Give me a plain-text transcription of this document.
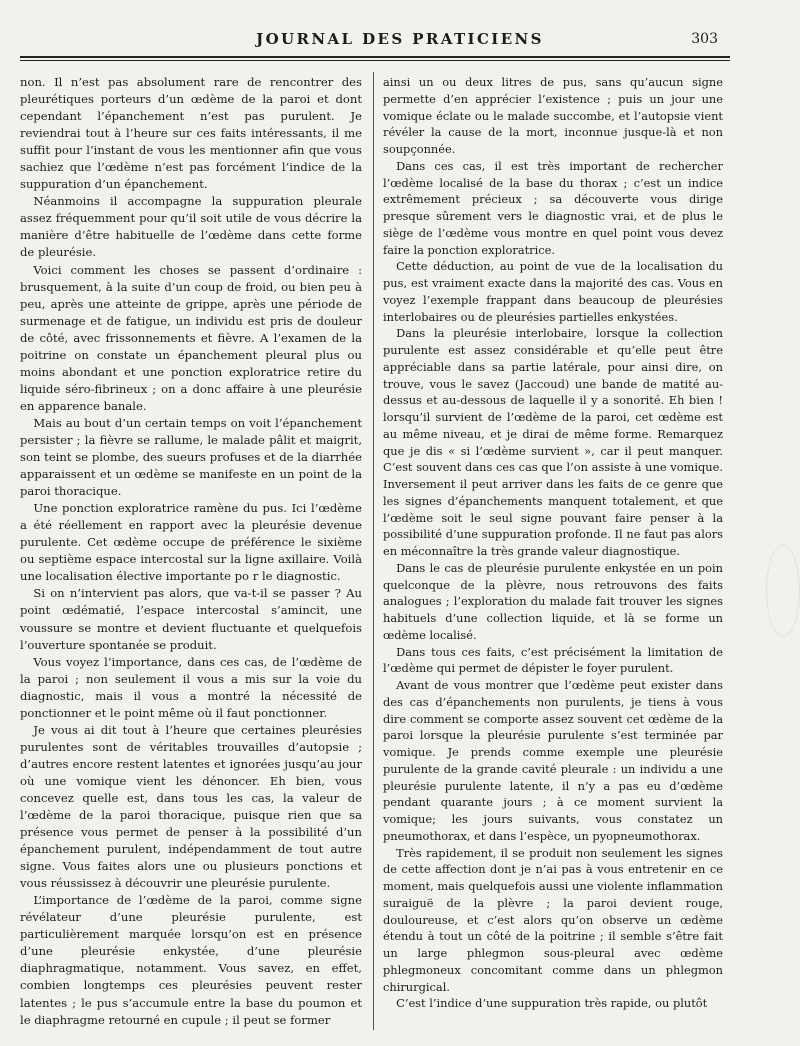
JOURNAL DES PRATICIENS	303

non. Il n’est pas absolument rare de rencontrer des pleurétiques porteurs d’un œdème de la paroi et dont cependant l’épanchement n’est pas purulent. Je reviendrai tout à l’heure sur ces faits intéressants, il me suffit pour l’instant de vous les mentionner afin que vous sachiez que l’œdème n’est pas forcément l’indice de la suppuration d’un épanchement.

Néanmoins il accompagne la suppuration pleurale assez fréquemment pour qu’il soit utile de vous décrire la manière d’être habituelle de l’œdème dans cette forme de pleurésie.

Voici comment les choses se passent d’ordinaire : brusquement, à la suite d’un coup de froid, ou bien peu à peu, après une atteinte de grippe, après une période de surmenage et de fatigue, un individu est pris de douleur de côté, avec frissonnements et fièvre. A l’examen de la poitrine on constate un épanchement pleural plus ou moins abondant et une ponction exploratrice retire du liquide séro-fibrineux ; on a donc affaire à une pleurésie en apparence banale.

Mais au bout d’un certain temps on voit l’épanchement persister ; la fièvre se rallume, le malade pâlit et maigrit, son teint se plombe, des sueurs profuses et de la diarrhée apparaissent et un œdème se manifeste en un point de la paroi thoracique.

Une ponction exploratrice ramène du pus. Ici l’œdème a été réellement en rapport avec la pleurésie devenue purulente. Cet œdème occupe de préférence le sixième ou septième espace intercostal sur la ligne axillaire. Voilà une localisation élective importante po r le diagnostic.

Si on n’intervient pas alors, que va-t-il se passer ? Au point œdématié, l’espace intercostal s’amincit, une voussure se montre et devient fluctuante et quelquefois l’ouverture spontanée se produit.

Vous voyez l’importance, dans ces cas, de l’œdème de la paroi ; non seulement il vous a mis sur la voie du diagnostic, mais il vous a montré la nécessité de ponctionner et le point même où il faut ponctionner.

Je vous ai dit tout à l’heure que certaines pleurésies purulentes sont de véritables trouvailles d’autopsie ; d’autres encore restent latentes et ignorées jusqu’au jour où une vomique vient les dénoncer. Eh bien, vous concevez quelle est, dans tous les cas, la valeur de l’œdème de la paroi thoracique, puisque rien que sa présence vous permet de penser à la possibilité d’un épanchement purulent, indépendamment de tout autre signe. Vous faites alors une ou plusieurs ponctions et vous réussissez à découvrir une pleurésie purulente.

L’importance de l’œdème de la paroi, comme signe révélateur d’une pleurésie purulente, est particulièrement marquée lorsqu’on est en présence d’une pleurésie enkystée, d’une pleurésie diaphragmatique, notamment. Vous savez, en effet, combien longtemps ces pleurésies peuvent rester latentes ; le pus s’accumule entre la base du poumon et le diaphragme retourné en cupule ; il peut se former

ainsi un ou deux litres de pus, sans qu’aucun signe permette d’en apprécier l’existence ; puis un jour une vomique éclate ou le malade succombe, et l’autopsie vient révéler la cause de la mort, inconnue jusque-là et non soupçonnée.

Dans ces cas, il est très important de rechercher l’œdème localisé de la base du thorax ; c’est un indice extrêmement précieux ; sa découverte vous dirige presque sûrement vers le diagnostic vrai, et de plus le siège de l’œdème vous montre en quel point vous devez faire la ponction exploratrice.

Cette déduction, au point de vue de la localisation du pus, est vraiment exacte dans la majorité des cas. Vous en voyez l’exemple frappant dans beaucoup de pleurésies interlobaires ou de pleurésies partielles enkystées.

Dans la pleurésie interlobaire, lorsque la collection purulente est assez considérable et qu’elle peut être appréciable dans sa partie latérale, pour ainsi dire, on trouve, vous le savez (Jaccoud) une bande de matité au-dessus et au-dessous de laquelle il y a sonorité. Eh bien ! lorsqu’il survient de l’œdème de la paroi, cet œdème est au même niveau, et je dirai de même forme. Remarquez que je dis « si l’œdème survient », car il peut manquer. C’est souvent dans ces cas que l’on assiste à une vomique. Inversement il peut arriver dans les faits de ce genre que les signes d’épanchements manquent totalement, et que l’œdème soit le seul signe pouvant faire penser à la possibilité d’une suppuration profonde. Il ne faut pas alors en méconnaître la très grande valeur diagnostique.

Dans le cas de pleurésie purulente enkystée en un poin quelconque de la plèvre, nous retrouvons des faits analogues ; l’exploration du malade fait trouver les signes habituels d’une collection liquide, et là se forme un œdème localisé.

Dans tous ces faits, c’est précisément la limitation de l’œdème qui permet de dépister le foyer purulent.

Avant de vous montrer que l’œdème peut exister dans des cas d’épanchements non purulents, je tiens à vous dire comment se comporte assez souvent cet œdème de la paroi lorsque la pleurésie purulente s’est terminée par vomique. Je prends comme exemple une pleurésie purulente de la grande cavité pleurale : un individu a une pleurésie purulente latente, il n’y a pas eu d’œdème pendant quarante jours ; à ce moment survient la vomique; les jours suivants, vous constatez un pneumothorax, et dans l’espèce, un pyopneumothorax.

Très rapidement, il se produit non seulement les signes de cette affection dont je n’ai pas à vous entretenir en ce moment, mais quelquefois aussi une violente inflammation suraiguë de la plèvre ; la paroi devient rouge, douloureuse, et c’est alors qu’on observe un œdème étendu à tout un côté de la poitrine ; il semble s’être fait un large phlegmon sous-pleural avec œdème phlegmoneux concomitant comme dans un phlegmon chirurgical.

C’est l’indice d’une suppuration très rapide, ou plutôt
